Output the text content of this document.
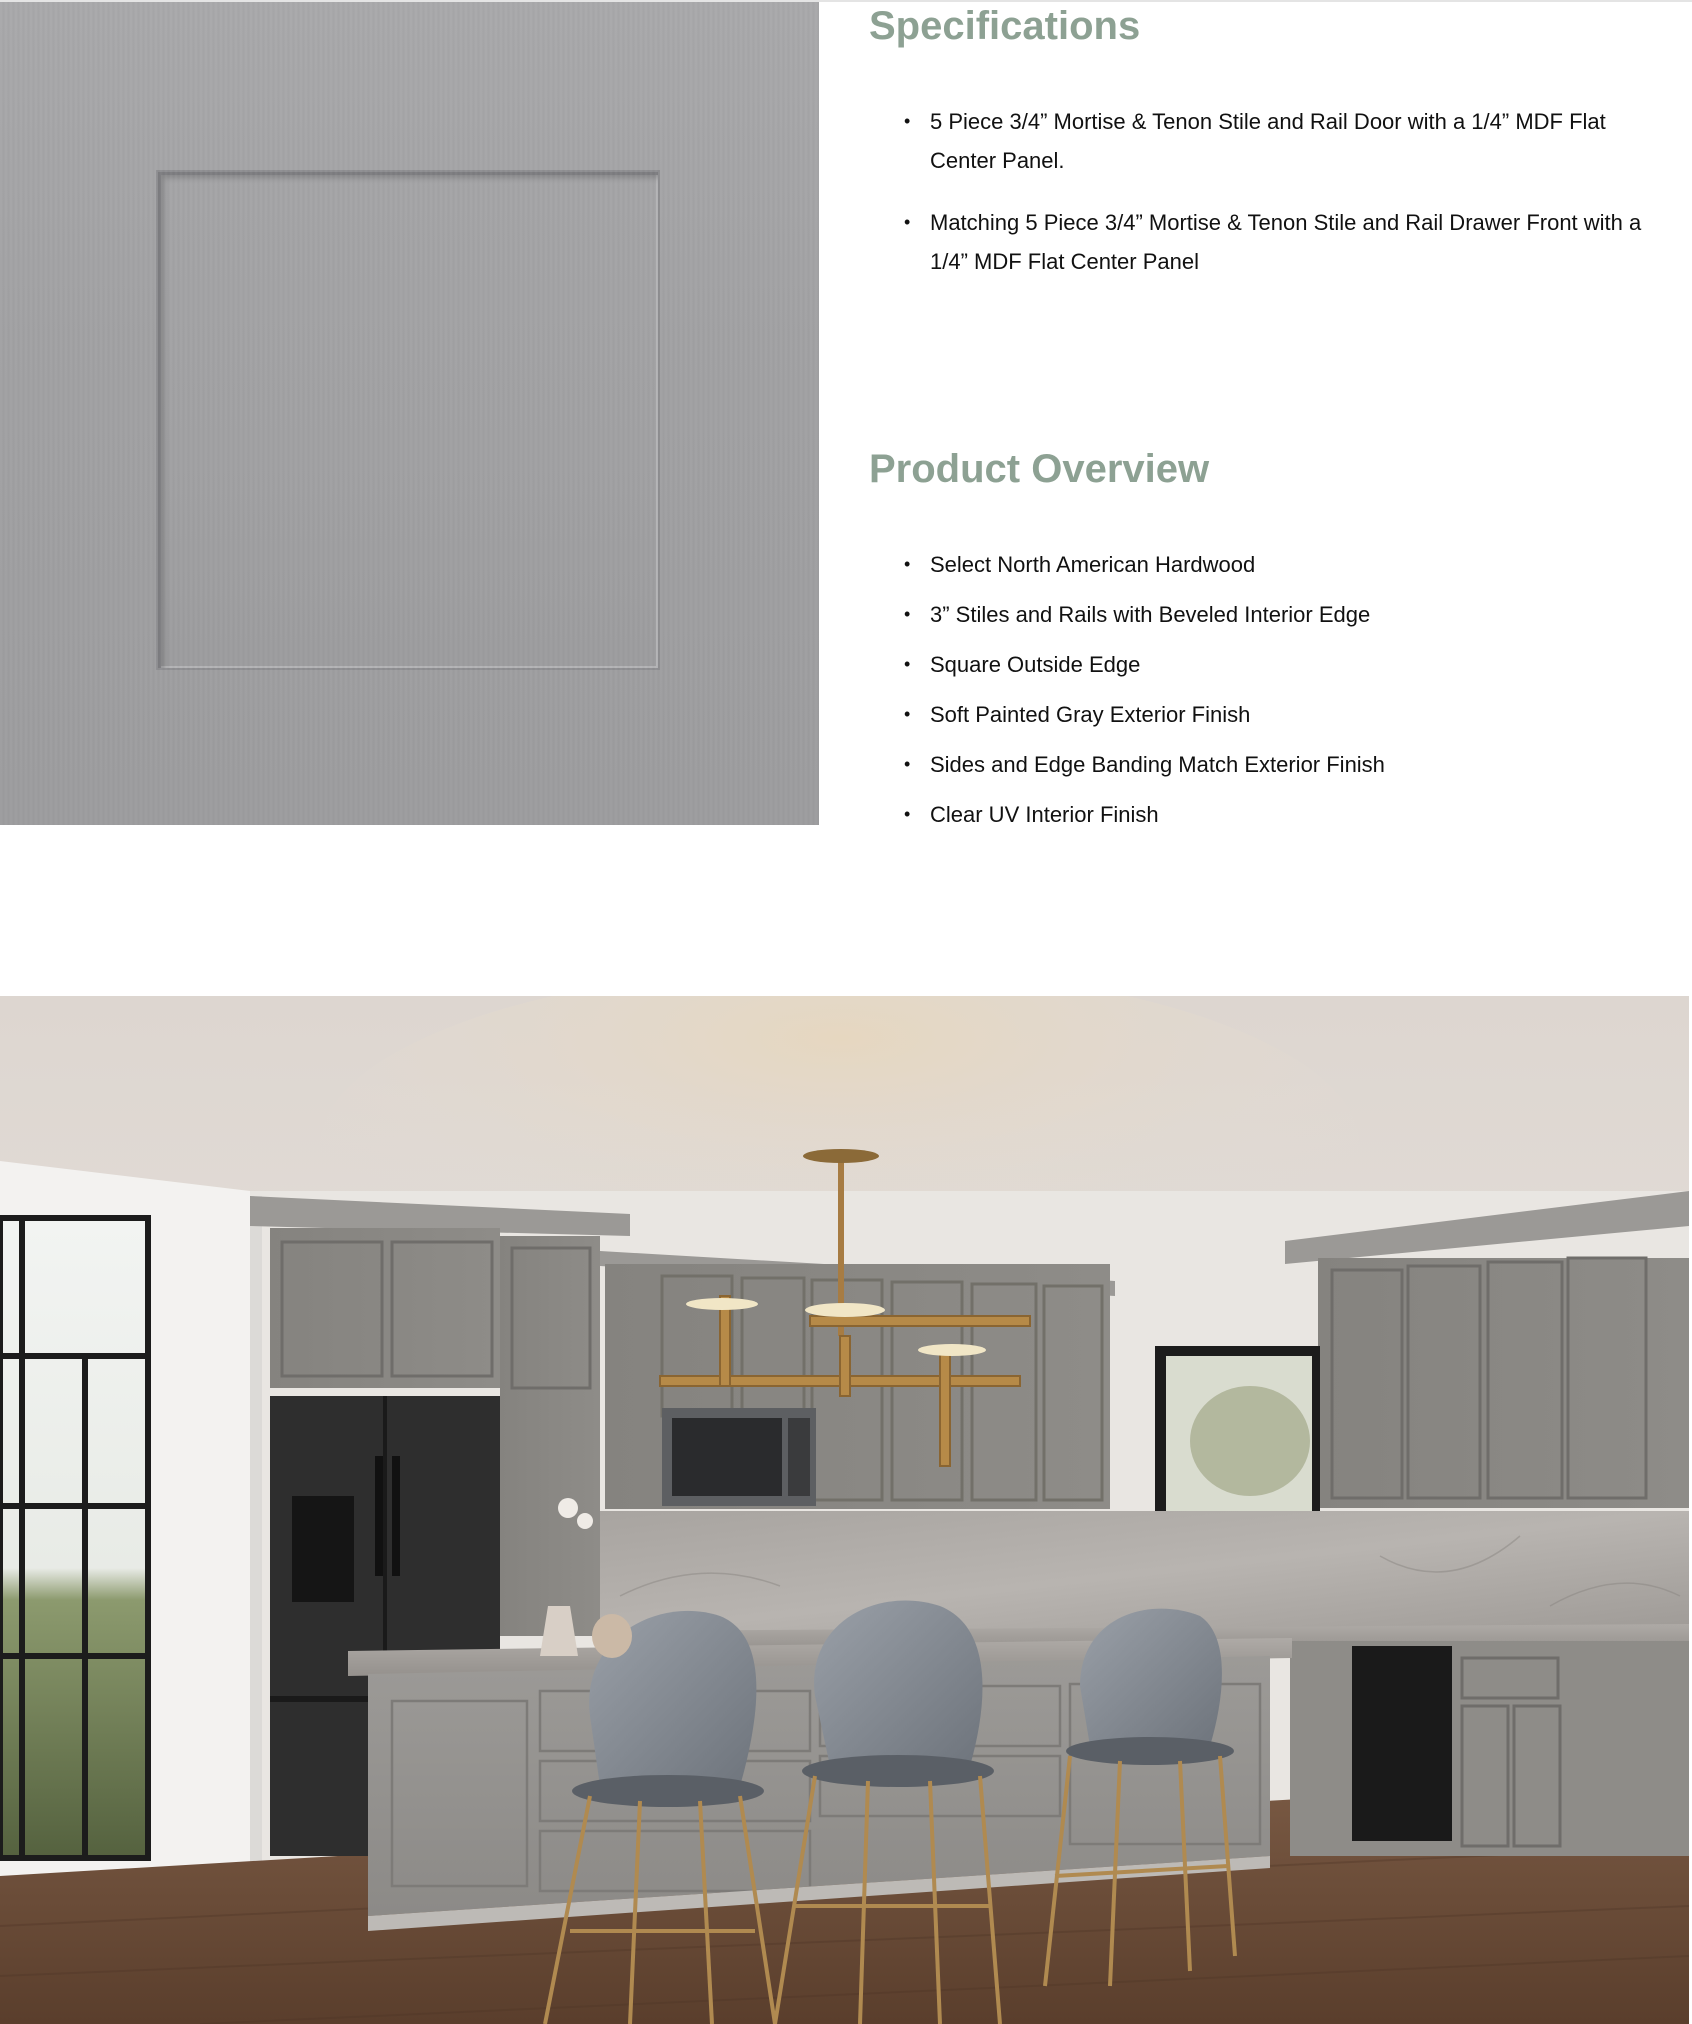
Specifications
• 5 Piece 3/4” Mortise & Tenon Stile and Rail Door with a 1/4” MDF Flat Center Panel.
• Matching 5 Piece 3/4” Mortise & Tenon Stile and Rail Drawer Front with a 1/4” MDF Flat Center Panel
Product Overview
• Select North American Hardwood
• 3” Stiles and Rails with Beveled Interior Edge
• Square Outside Edge
• Soft Painted Gray Exterior Finish
• Sides and Edge Banding Match Exterior Finish
• Clear UV Interior Finish
